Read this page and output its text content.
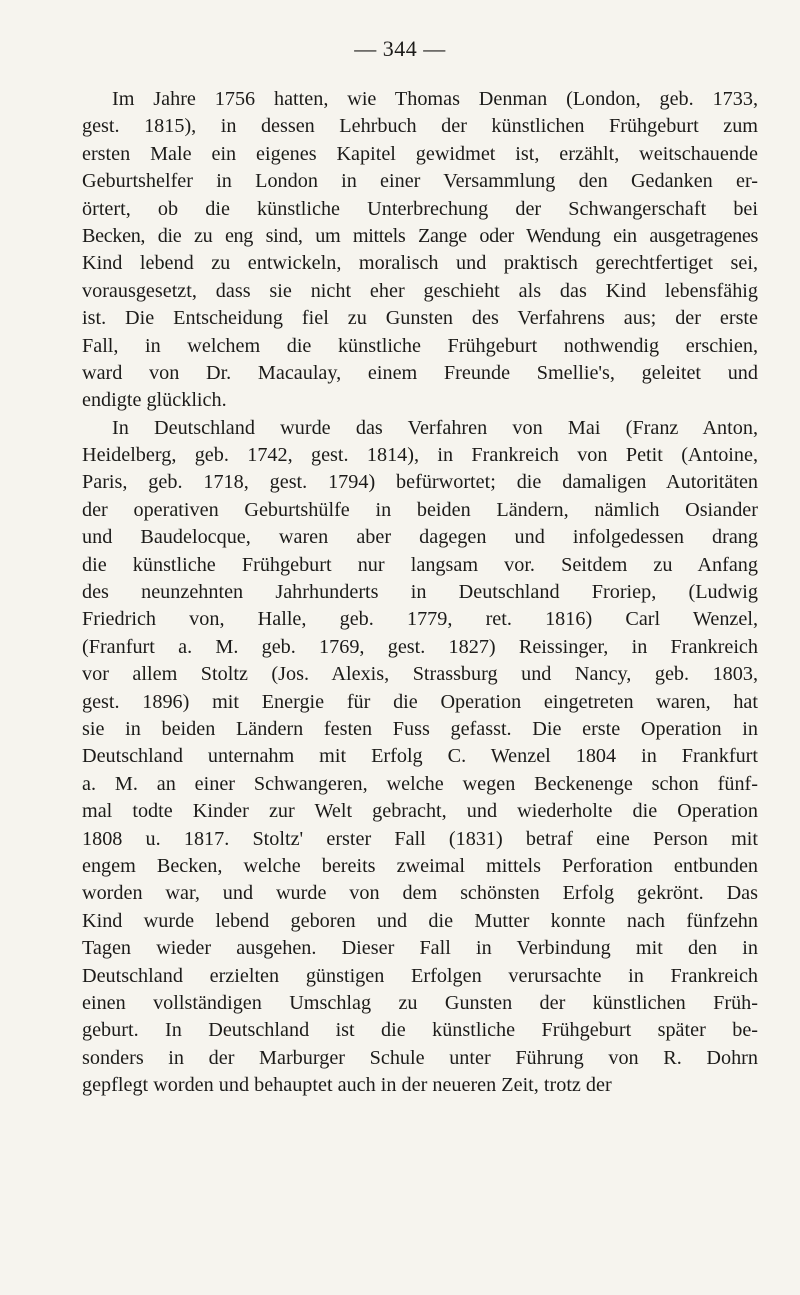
— 344 —
Im Jahre 1756 hatten, wie Thomas Denman (London, geb. 1733,
gest. 1815), in dessen Lehrbuch der künstlichen Frühgeburt zum
ersten Male ein eigenes Kapitel gewidmet ist, erzählt, weitschauende
Geburtshelfer in London in einer Versammlung den Gedanken er-
örtert, ob die künstliche Unterbrechung der Schwangerschaft bei
Becken, die zu eng sind, um mittels Zange oder Wendung ein ausgetragenes
Kind lebend zu entwickeln, moralisch und praktisch gerechtfertiget sei,
vorausgesetzt, dass sie nicht eher geschieht als das Kind lebensfähig
ist. Die Entscheidung fiel zu Gunsten des Verfahrens aus; der erste
Fall, in welchem die künstliche Frühgeburt nothwendig erschien,
ward von Dr. Macaulay, einem Freunde Smellie's, geleitet und
endigte glücklich.
In Deutschland wurde das Verfahren von Mai (Franz Anton,
Heidelberg, geb. 1742, gest. 1814), in Frankreich von Petit (Antoine,
Paris, geb. 1718, gest. 1794) befürwortet; die damaligen Autoritäten
der operativen Geburtshülfe in beiden Ländern, nämlich Osiander
und Baudelocque, waren aber dagegen und infolgedessen drang
die künstliche Frühgeburt nur langsam vor. Seitdem zu Anfang
des neunzehnten Jahrhunderts in Deutschland Froriep, (Ludwig
Friedrich von, Halle, geb. 1779, ret. 1816) Carl Wenzel,
(Franfurt a. M. geb. 1769, gest. 1827) Reissinger, in Frankreich
vor allem Stoltz (Jos. Alexis, Strassburg und Nancy, geb. 1803,
gest. 1896) mit Energie für die Operation eingetreten waren, hat
sie in beiden Ländern festen Fuss gefasst. Die erste Operation in
Deutschland unternahm mit Erfolg C. Wenzel 1804 in Frankfurt
a. M. an einer Schwangeren, welche wegen Beckenenge schon fünf-
mal todte Kinder zur Welt gebracht, und wiederholte die Operation
1808 u. 1817. Stoltz' erster Fall (1831) betraf eine Person mit
engem Becken, welche bereits zweimal mittels Perforation entbunden
worden war, und wurde von dem schönsten Erfolg gekrönt. Das
Kind wurde lebend geboren und die Mutter konnte nach fünfzehn
Tagen wieder ausgehen. Dieser Fall in Verbindung mit den in
Deutschland erzielten günstigen Erfolgen verursachte in Frankreich
einen vollständigen Umschlag zu Gunsten der künstlichen Früh-
geburt. In Deutschland ist die künstliche Frühgeburt später be-
sonders in der Marburger Schule unter Führung von R. Dohrn
gepflegt worden und behauptet auch in der neueren Zeit, trotz der
